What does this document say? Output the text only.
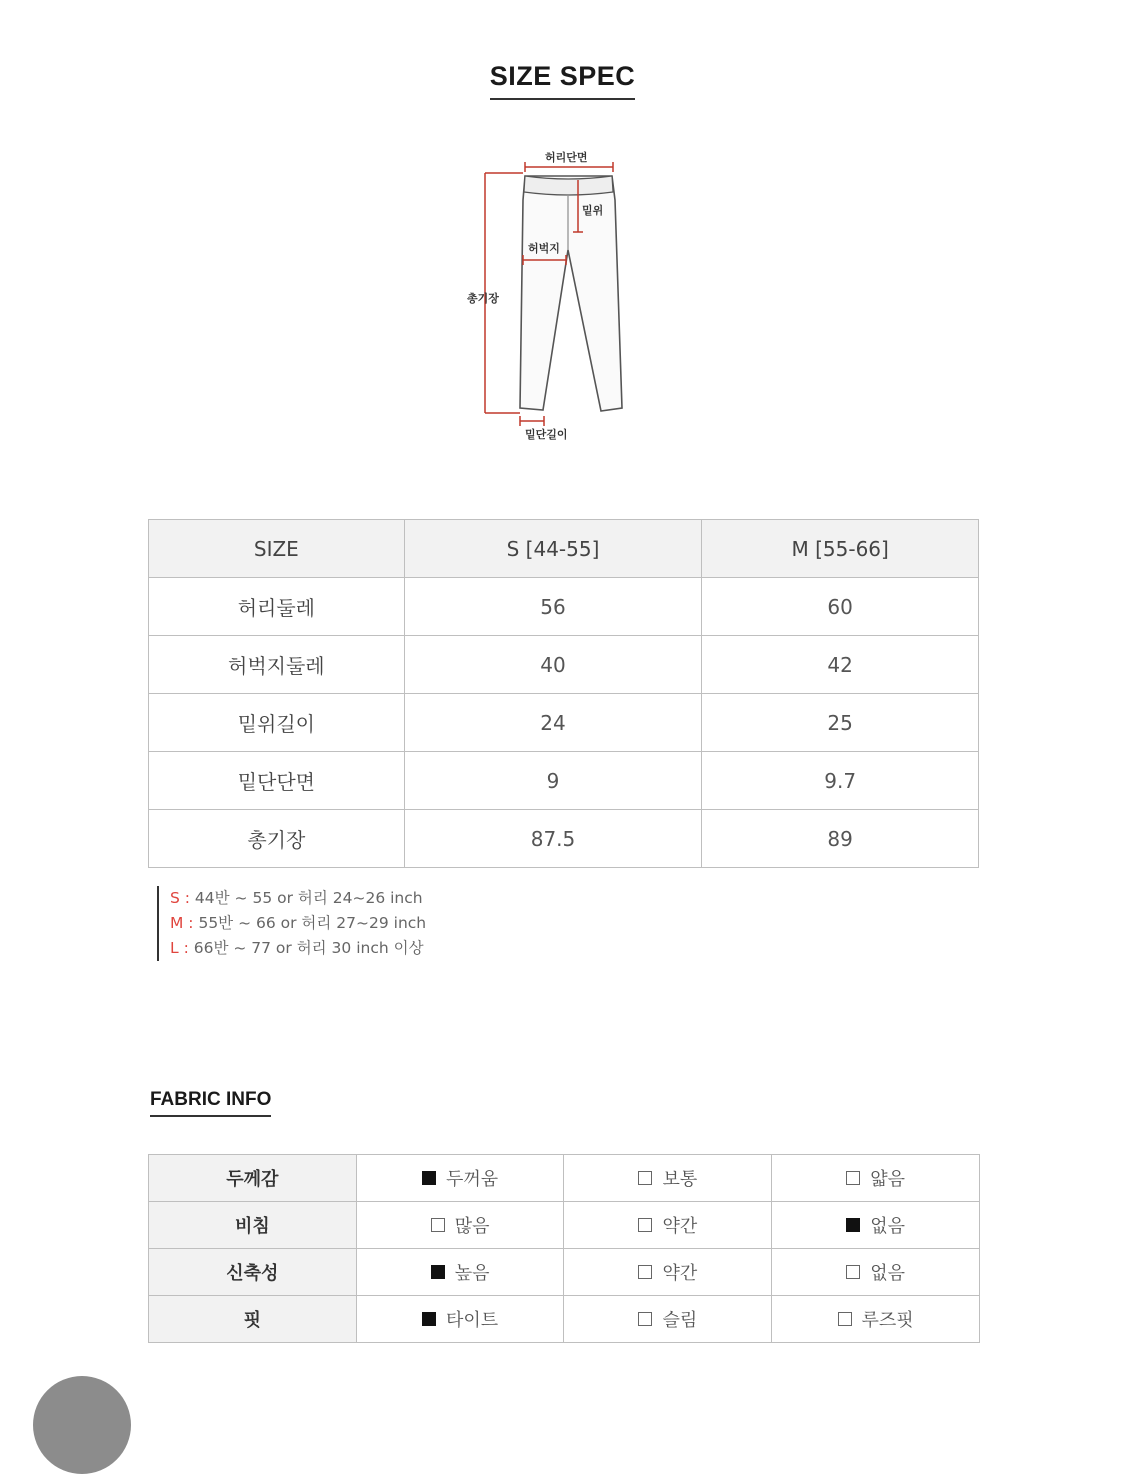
SIZE SPEC
허리단면
밑위
허벅지
총기장
밑단길이
SIZE	S [44-55]	M [55-66]
허리둘레	56	60
허벅지둘레	40	42
밑위길이	24	25
밑단단면	9	9.7
총기장	87.5	89
S : 44반 ~ 55 or 허리 24~26 inch
M : 55반 ~ 66 or 허리 27~29 inch
L : 66반 ~ 77 or 허리 30 inch 이상
FABRIC INFO
두께감	두꺼움	보통	얇음

비침	많음	약간	없음

신축성	높음	약간	없음

핏	타이트	슬림	루즈핏
